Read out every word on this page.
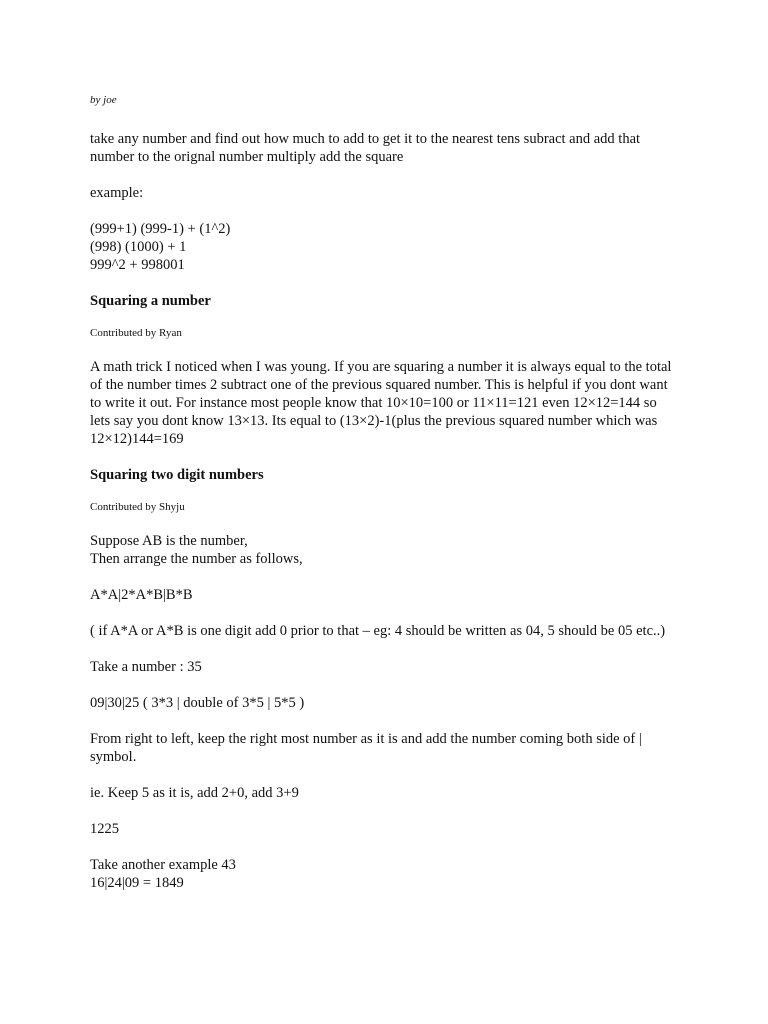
by joe

take any number and find out how much to add to get it to the nearest tens subract and add that number to the orignal number multiply add the square

example:

(999+1) (999-1) + (1^2)
(998) (1000) + 1
999^2 + 998001
Squaring a number
Contributed by Ryan

A math trick I noticed when I was young. If you are squaring a number it is always equal to the total of the number times 2 subtract one of the previous squared number. This is helpful if you dont want to write it out. For instance most people know that 10×10=100 or 11×11=121 even 12×12=144 so lets say you dont know 13×13. Its equal to (13×2)-1(plus the previous squared number which was 12×12)144=169

Squaring two digit numbers
Contributed by Shyju
Suppose AB is the number,
Then arrange the number as follows,

A*A|2*A*B|B*B

( if A*A or A*B is one digit add 0 prior to that – eg: 4 should be written as 04, 5 should be 05 etc..)

Take a number : 35

09|30|25 ( 3*3 | double of 3*5 | 5*5 )

From right to left, keep the right most number as it is and add the number coming both side of | symbol.

ie. Keep 5 as it is, add 2+0, add 3+9

1225

Take another example 43
16|24|09 = 1849
